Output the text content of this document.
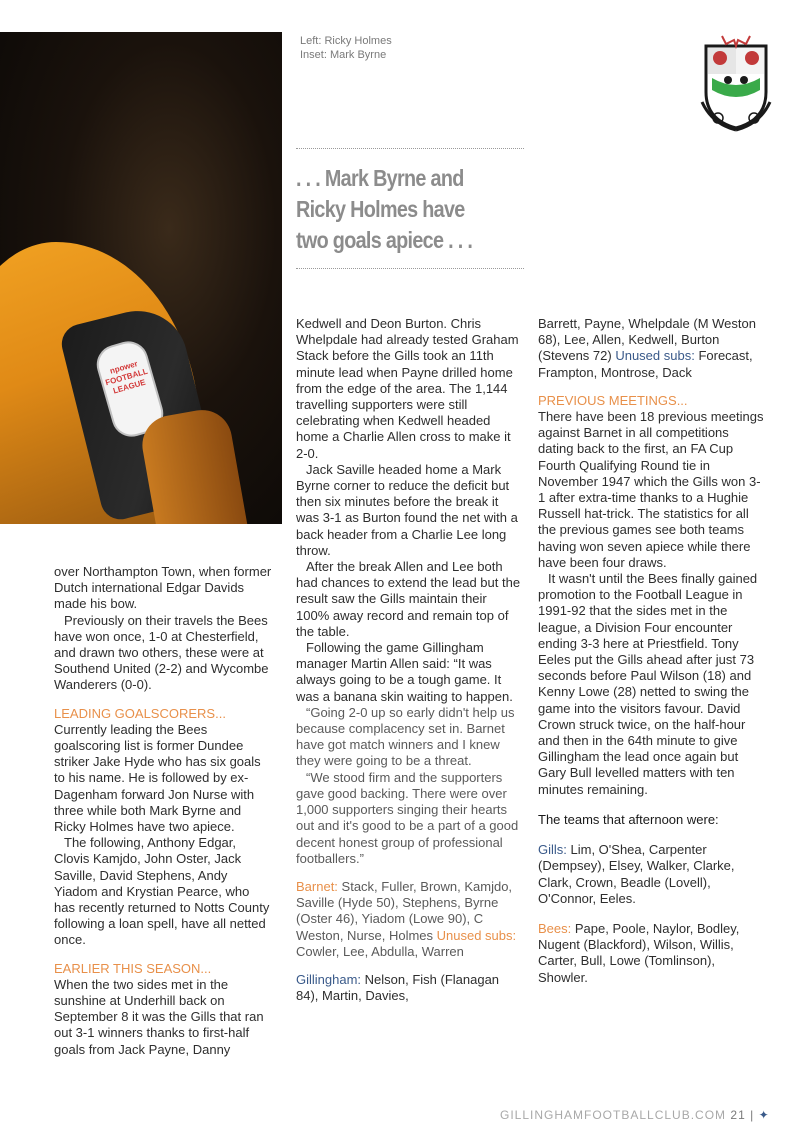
npower FOOTBALL LEAGUE
Left: Ricky Holmes
Inset: Mark Byrne
. . . Mark Byrne and
Ricky Holmes have
two goals apiece . . .

over Northampton Town, when former Dutch international Edgar Davids made his bow.

Previously on their travels the Bees have won once, 1-0 at Chesterfield, and drawn two others, these were at Southend United (2-2) and Wycombe Wanderers (0-0).

LEADING GOALSCORERS...

Currently leading the Bees goalscoring list is former Dundee striker Jake Hyde who has six goals to his name. He is followed by ex-Dagenham forward Jon Nurse with three while both Mark Byrne and Ricky Holmes have two apiece.

The following, Anthony Edgar, Clovis Kamjdo, John Oster, Jack Saville, David Stephens, Andy Yiadom and Krystian Pearce, who has recently returned to Notts County following a loan spell, have all netted once.

EARLIER THIS SEASON...

When the two sides met in the sunshine at Underhill back on September 8 it was the Gills that ran out 3-1 winners thanks to first-half goals from Jack Payne, Danny

Kedwell and Deon Burton. Chris Whelpdale had already tested Graham Stack before the Gills took an 11th minute lead when Payne drilled home from the edge of the area. The 1,144 travelling supporters were still celebrating when Kedwell headed home a Charlie Allen cross to make it 2-0.

Jack Saville headed home a Mark Byrne corner to reduce the deficit but then six minutes before the break it was 3-1 as Burton found the net with a back header from a Charlie Lee long throw.

After the break Allen and Lee both had chances to extend the lead but the result saw the Gills maintain their 100% away record and remain top of the table.

Following the game Gillingham manager Martin Allen said: “It was always going to be a tough game. It was a banana skin waiting to happen.

“Going 2-0 up so early didn't help us because complacency set in. Barnet have got match winners and I knew they were going to be a threat.

“We stood firm and the supporters gave good backing. There were over 1,000 supporters singing their hearts out and it's good to be a part of a good decent honest group of professional footballers.”

Barnet: Stack, Fuller, Brown, Kamjdo, Saville (Hyde 50), Stephens, Byrne (Oster 46), Yiadom (Lowe 90), C Weston, Nurse, Holmes Unused subs: Cowler, Lee, Abdulla, Warren

Gillingham: Nelson, Fish (Flanagan 84), Martin, Davies,

Barrett, Payne, Whelpdale (M Weston 68), Lee, Allen, Kedwell, Burton (Stevens 72) Unused subs: Forecast, Frampton, Montrose, Dack

PREVIOUS MEETINGS...

There have been 18 previous meetings against Barnet in all competitions dating back to the first, an FA Cup Fourth Qualifying Round tie in November 1947 which the Gills won 3-1 after extra-time thanks to a Hughie Russell hat-trick. The statistics for all the previous games see both teams having won seven apiece while there have been four draws.

It wasn't until the Bees finally gained promotion to the Football League in 1991-92 that the sides met in the league, a Division Four encounter ending 3-3 here at Priestfield. Tony Eeles put the Gills ahead after just 73 seconds before Paul Wilson (18) and Kenny Lowe (28) netted to swing the game into the visitors favour. David Crown struck twice, on the half-hour and then in the 64th minute to give Gillingham the lead once again but Gary Bull levelled matters with ten minutes remaining.

The teams that afternoon were:

Gills: Lim, O'Shea, Carpenter (Dempsey), Elsey, Walker, Clarke, Clark, Crown, Beadle (Lovell), O'Connor, Eeles.

Bees: Pape, Poole, Naylor, Bodley, Nugent (Blackford), Wilson, Willis, Carter, Bull, Lowe (Tomlinson), Showler.

GILLINGHAMFOOTBALLCLUB.COM 21 | ✦
